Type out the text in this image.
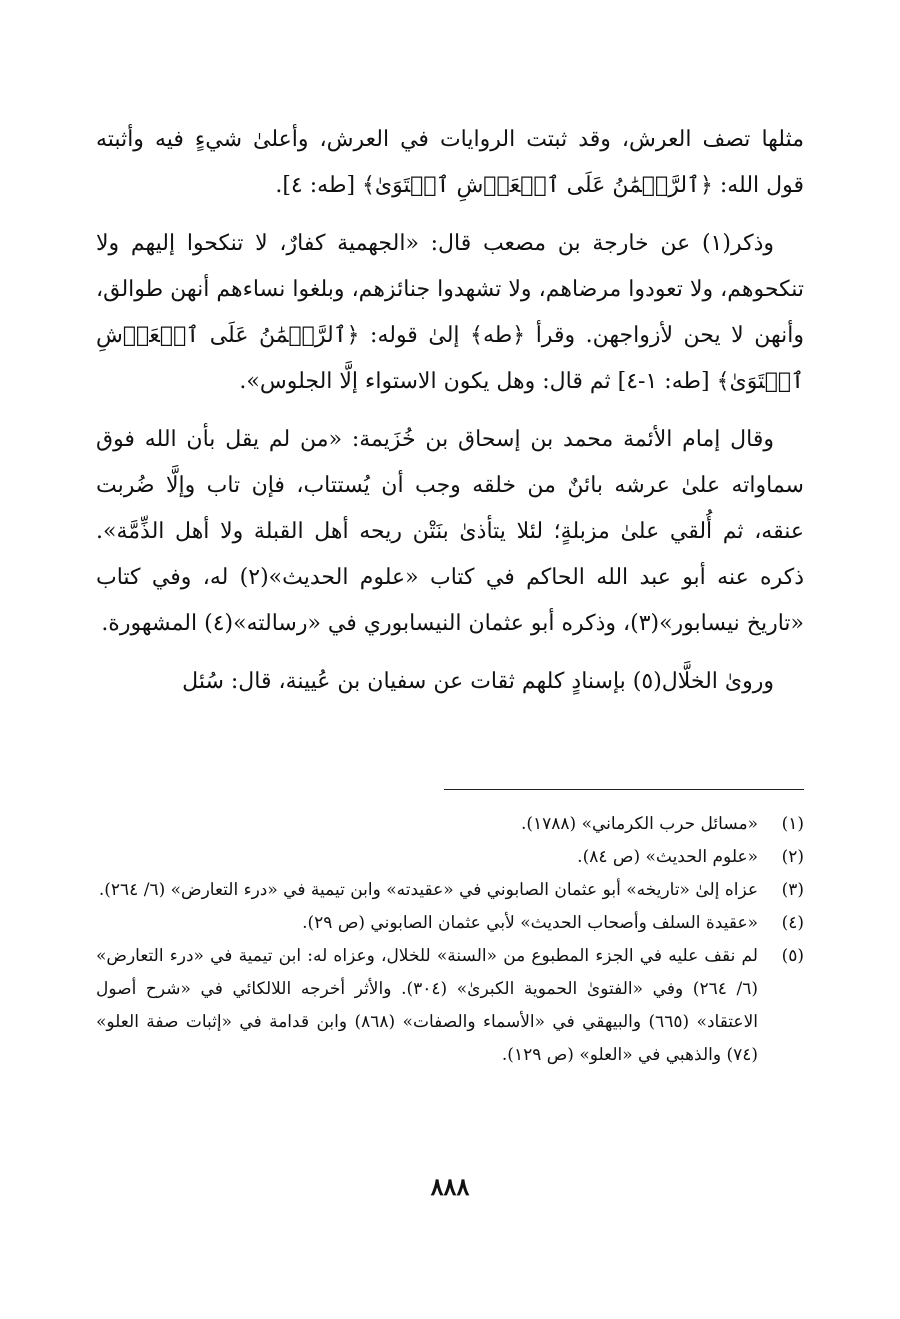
مثلها تصف العرش، وقد ثبتت الروايات في العرش، وأعلىٰ شيءٍ فيه وأثبته قول الله: ﴿ٱلرَّحۡمَٰنُ عَلَى ٱلۡعَرۡشِ ٱسۡتَوَىٰ﴾ [طه: ٤].

وذكر(١) عن خارجة بن مصعب قال: «الجهمية كفارٌ، لا تنكحوا إليهم ولا تنكحوهم، ولا تعودوا مرضاهم، ولا تشهدوا جنائزهم، وبلغوا نساءهم أنهن طوالق، وأنهن لا يحن لأزواجهن. وقرأ ﴿طه﴾ إلىٰ قوله: ﴿ٱلرَّحۡمَٰنُ عَلَى ٱلۡعَرۡشِ ٱسۡتَوَىٰ﴾ [طه: ١-٤] ثم قال: وهل يكون الاستواء إلَّا الجلوس».

وقال إمام الأئمة محمد بن إسحاق بن خُزَيمة: «من لم يقل بأن الله فوق سماواته علىٰ عرشه بائنٌ من خلقه وجب أن يُستتاب، فإن تاب وإلَّا ضُربت عنقه، ثم أُلقي علىٰ مزبلةٍ؛ لئلا يتأذىٰ بنَتْن ريحه أهل القبلة ولا أهل الذِّمَّة». ذكره عنه أبو عبد الله الحاكم في كتاب «علوم الحديث»(٢) له، وفي كتاب «تاريخ نيسابور»(٣)، وذكره أبو عثمان النيسابوري في «رسالته»(٤) المشهورة.

وروىٰ الخلَّال(٥) بإسنادٍ كلهم ثقات عن سفيان بن عُيينة، قال: سُئل

(١)
«مسائل حرب الكرماني» (١٧٨٨).
(٢)
«علوم الحديث» (ص ٨٤).
(٣)
عزاه إلىٰ «تاريخه» أبو عثمان الصابوني في «عقيدته» وابن تيمية في «درء التعارض» (٦/ ٢٦٤).
(٤)
«عقيدة السلف وأصحاب الحديث» لأبي عثمان الصابوني (ص ٢٩).
(٥)
لم نقف عليه في الجزء المطبوع من «السنة» للخلال، وعزاه له: ابن تيمية في «درء التعارض» (٦/ ٢٦٤) وفي «الفتوىٰ الحموية الكبرىٰ» (٣٠٤). والأثر أخرجه اللالكائي في «شرح أصول الاعتقاد» (٦٦٥) والبيهقي في «الأسماء والصفات» (٨٦٨) وابن قدامة في «إثبات صفة العلو» (٧٤) والذهبي في «العلو» (ص ١٢٩).
٨٨٨
